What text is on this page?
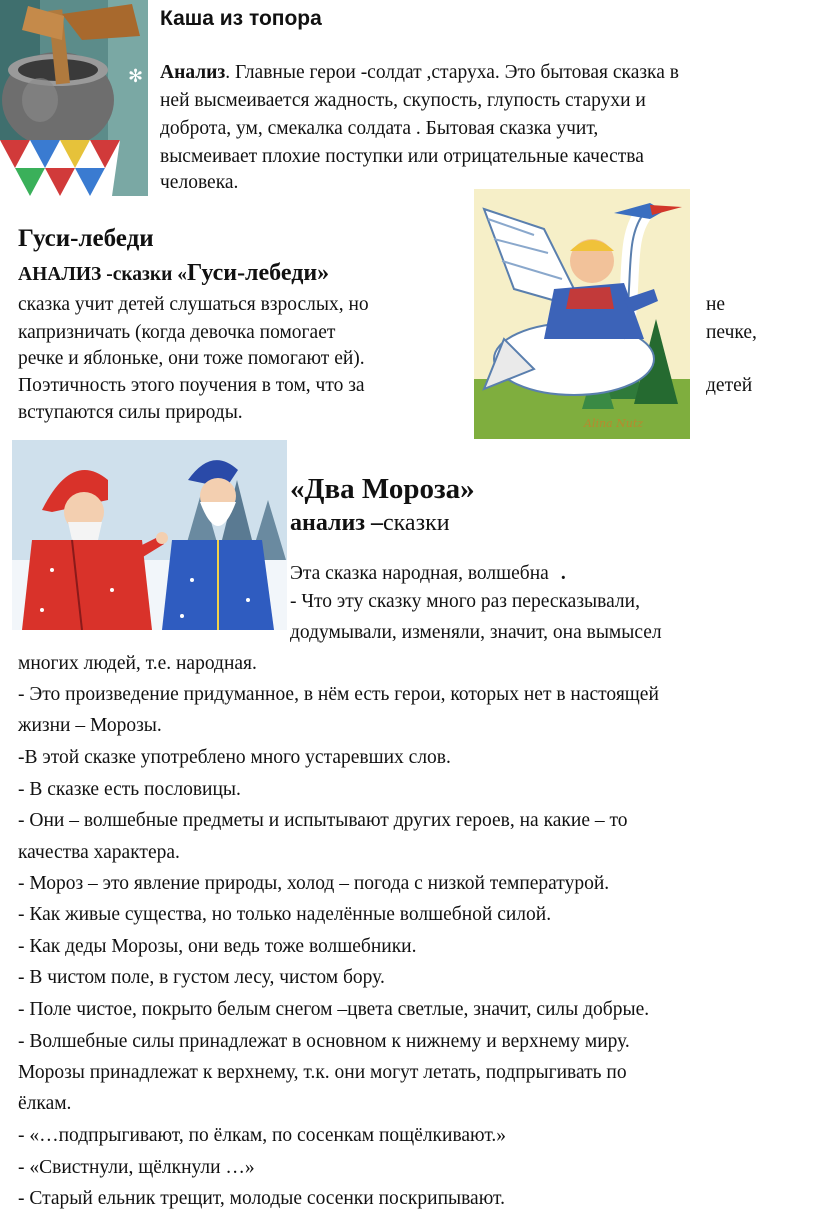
✻
Каша из топора
Анализ. Главные герои -солдат ,старуха. Это бытовая сказка в
ней высмеивается жадность, скупость, глупость старухи и
доброта, ум, смекалка солдата . Бытовая сказка учит,
высмеивает плохие поступки или отрицательные качества
человека.
Гуси-лебеди
АНАЛИЗ -сказки «Гуси-лебеди»
сказка учит детей слушаться взрослых, но
капризничать (когда девочка помогает
речке и яблоньке, они тоже помогают ей).
Поэтичность этого поучения в том, что за
вступаются силы природы.
не
печке,
детей
Alina Nutz
«Два Мороза»
анализ –сказки
Эта сказка народная, волшебна .
- Что эту сказку много раз пересказывали,
додумывали, изменяли, значит, она вымысел
многих людей, т.е. народная.
- Это произведение придуманное, в нём есть герои, которых нет в настоящей
жизни – Морозы.
-В этой сказке употреблено много устаревших слов.
- В сказке есть пословицы.
- Они – волшебные предметы и испытывают других героев, на какие – то
качества характера.
- Мороз – это явление природы, холод – погода с низкой температурой.
- Как живые существа, но только наделённые волшебной силой.
- Как деды Морозы, они ведь тоже волшебники.
- В чистом поле, в густом лесу, чистом бору.
- Поле чистое, покрыто белым снегом –цвета светлые, значит, силы добрые.
- Волшебные силы принадлежат в основном к нижнему и верхнему миру.
Морозы принадлежат к верхнему, т.к. они могут летать, подпрыгивать по
ёлкам.
- «…подпрыгивают, по ёлкам, по сосенкам пощёлкивают.»
- «Свистнули, щёлкнули …»
- Старый ельник трещит, молодые сосенки поскрипывают.
